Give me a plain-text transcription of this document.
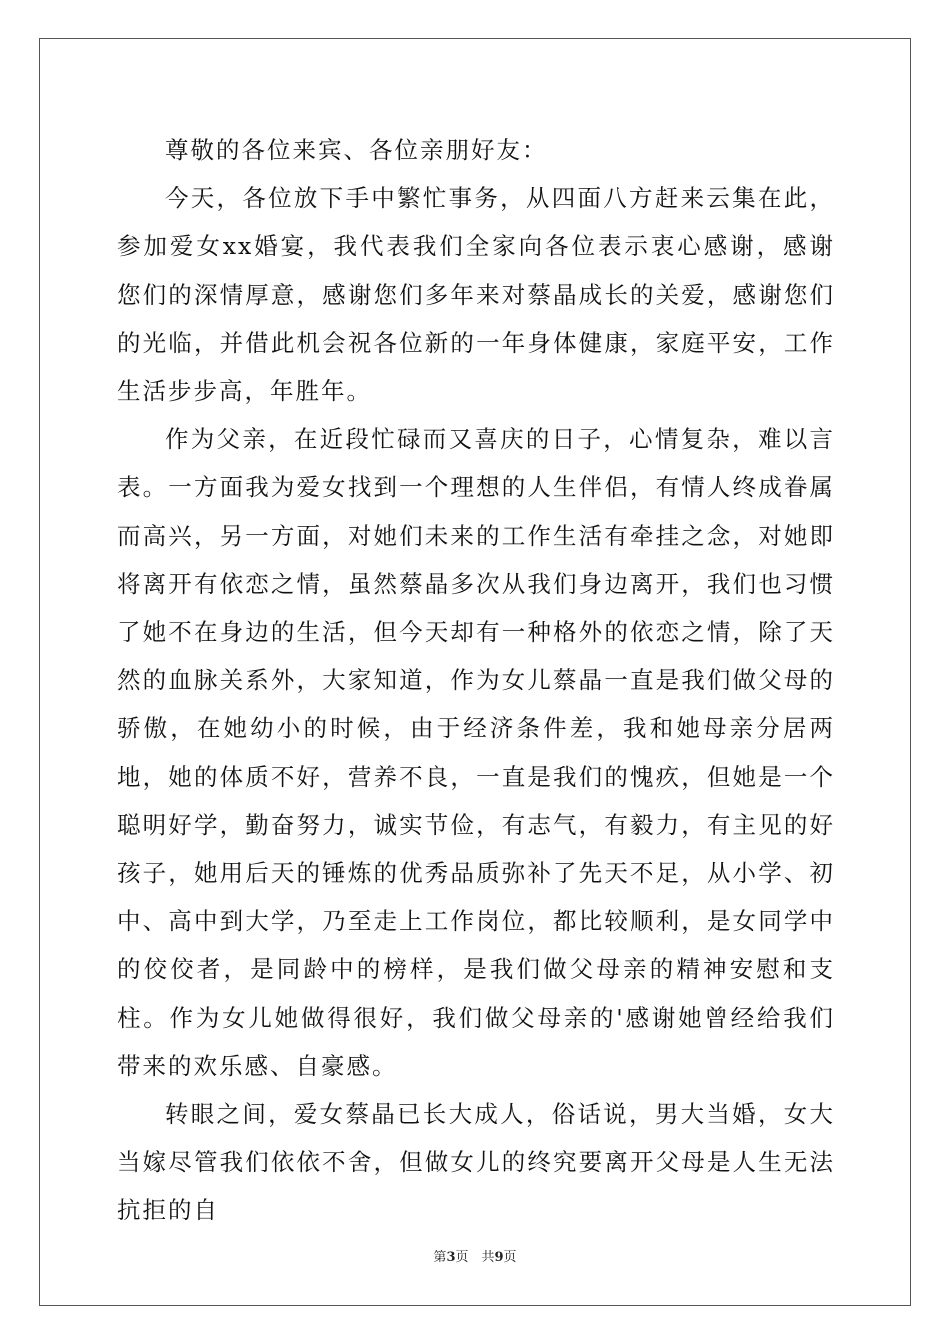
尊敬的各位来宾、各位亲朋好友：

今天，各位放下手中繁忙事务，从四面八方赶来云集在此，参加爱女xx婚宴，我代表我们全家向各位表示衷心感谢，感谢您们的深情厚意，感谢您们多年来对蔡晶成长的关爱，感谢您们的光临，并借此机会祝各位新的一年身体健康，家庭平安，工作生活步步高，年胜年。

作为父亲，在近段忙碌而又喜庆的日子，心情复杂，难以言表。一方面我为爱女找到一个理想的人生伴侣，有情人终成眷属而高兴，另一方面，对她们未来的工作生活有牵挂之念，对她即将离开有依恋之情，虽然蔡晶多次从我们身边离开，我们也习惯了她不在身边的生活，但今天却有一种格外的依恋之情，除了天然的血脉关系外，大家知道，作为女儿蔡晶一直是我们做父母的骄傲，在她幼小的时候，由于经济条件差，我和她母亲分居两地，她的体质不好，营养不良，一直是我们的愧疚，但她是一个聪明好学，勤奋努力，诚实节俭，有志气，有毅力，有主见的好孩子，她用后天的锤炼的优秀品质弥补了先天不足，从小学、初中、高中到大学，乃至走上工作岗位，都比较顺利，是女同学中的佼佼者，是同龄中的榜样，是我们做父母亲的精神安慰和支柱。作为女儿她做得很好，我们做父母亲的'感谢她曾经给我们带来的欢乐感、自豪感。

转眼之间，爱女蔡晶已长大成人，俗话说，男大当婚，女大当嫁尽管我们依依不舍，但做女儿的终究要离开父母是人生无法抗拒的自

第3页　共9页
